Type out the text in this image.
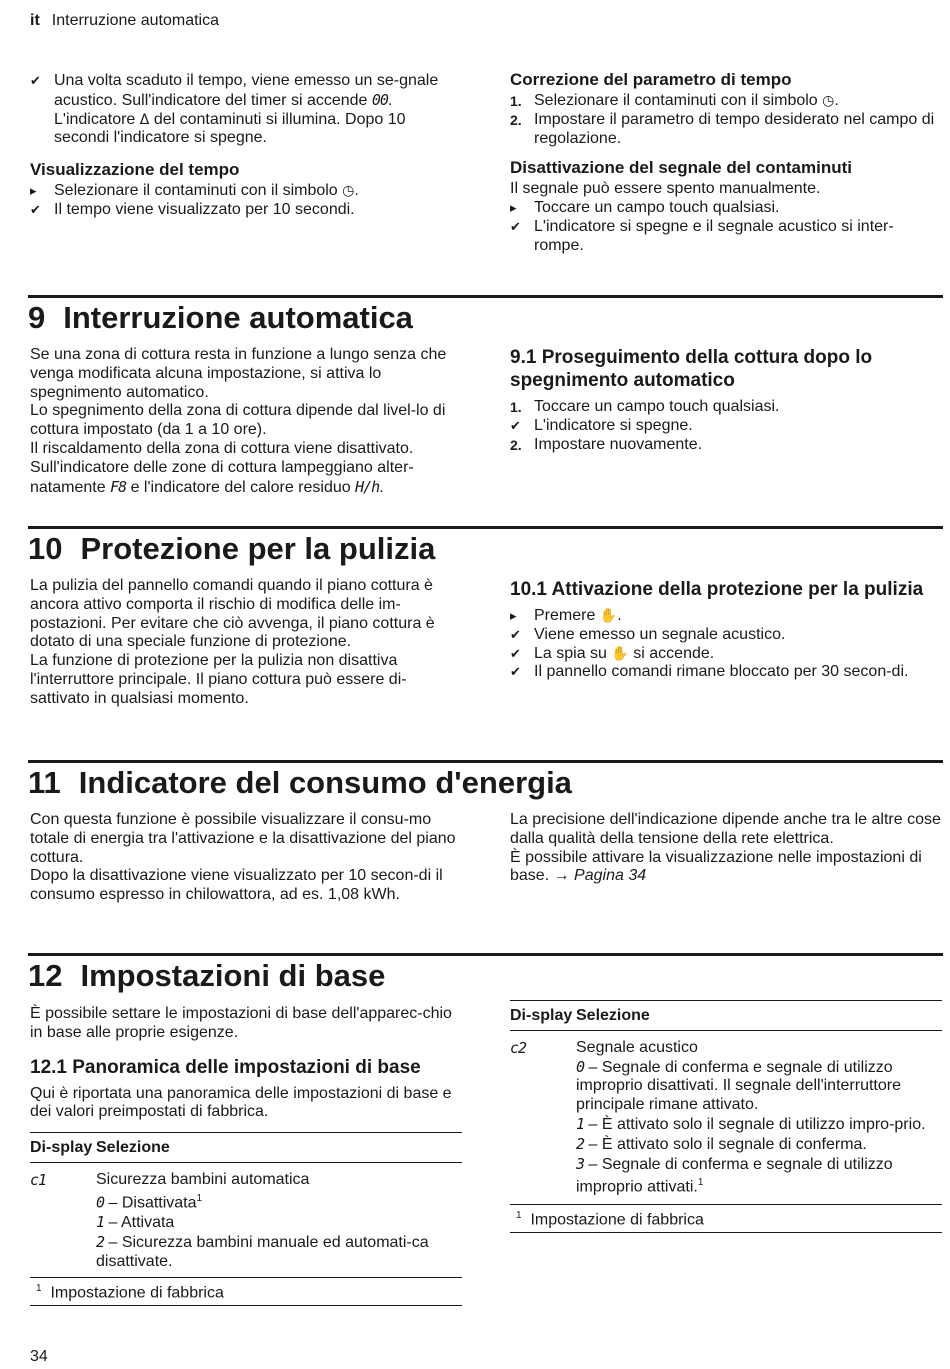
it Interruzione automatica
✔ Una volta scaduto il tempo, viene emesso un se-gnale acustico. Sull'indicatore del timer si accende 00. L'indicatore Δ del contaminuti si illumina. Dopo 10 secondi l'indicatore si spegne.
Visualizzazione del tempo
▸	Selezionare il contaminuti con il simbolo ◷.
✔ Il tempo viene visualizzato per 10 secondi.
Correzione del parametro di tempo
1. Selezionare il contaminuti con il simbolo ◷.
2. Impostare il parametro di tempo desiderato nel campo di regolazione.
Disattivazione del segnale del contaminuti

Il segnale può essere spento manualmente.

▸	Toccare un campo touch qualsiasi.
✔ L'indicatore si spegne e il segnale acustico si inter-rompe.
9 Interruzione automatica

Se una zona di cottura resta in funzione a lungo senza che venga modificata alcuna impostazione, si attiva lo spegnimento automatico.

Lo spegnimento della zona di cottura dipende dal livel-lo di cottura impostato (da 1 a 10 ore).

Il riscaldamento della zona di cottura viene disattivato.

Sull'indicatore delle zone di cottura lampeggiano alter-natamente F8 e l'indicatore del calore residuo H/h.

9.1 Proseguimento della cottura dopo lo spegnimento automatico
1. Toccare un campo touch qualsiasi.
✔ L'indicatore si spegne.
2. Impostare nuovamente.
10 Protezione per la pulizia

La pulizia del pannello comandi quando il piano cottura è ancora attivo comporta il rischio di modifica delle im-postazioni. Per evitare che ciò avvenga, il piano cottura è dotato di una speciale funzione di protezione.

La funzione di protezione per la pulizia non disattiva l'interruttore principale. Il piano cottura può essere di-sattivato in qualsiasi momento.

10.1 Attivazione della protezione per la pulizia
▸	Premere ✋.
✔ Viene emesso un segnale acustico.
✔ La spia su ✋ si accende.
✔ Il pannello comandi rimane bloccato per 30 secon-di.
11 Indicatore del consumo d'energia

Con questa funzione è possibile visualizzare il consu-mo totale di energia tra l'attivazione e la disattivazione del piano cottura.

Dopo la disattivazione viene visualizzato per 10 secon-di il consumo espresso in chilowattora, ad es. 1,08 kWh.

La precisione dell'indicazione dipende anche tra le altre cose dalla qualità della tensione della rete elettrica.

È possibile attivare la visualizzazione nelle impostazioni di base. → Pagina 34

12 Impostazioni di base

È possibile settare le impostazioni di base dell'apparec-chio in base alle proprie esigenze.

12.1 Panoramica delle impostazioni di base

Qui è riportata una panoramica delle impostazioni di base e dei valori preimpostati di fabbrica.

Di-splay	Selezione
c1	Sicurezza bambini automatica
0 – Disattivata$^1$
1 – Attivata
2 – Sicurezza bambini manuale ed automati-ca disattivate.
$^1$ Impostazione di fabbrica
Di-splay	Selezione
c2	Segnale acustico
0 – Segnale di conferma e segnale di utilizzo improprio disattivati. Il segnale dell'interruttore principale rimane attivato.
1 – È attivato solo il segnale di utilizzo impro-prio.
2 – È attivato solo il segnale di conferma.
3 – Segnale di conferma e segnale di utilizzo improprio attivati.$^1$
$^1$ Impostazione di fabbrica
34
